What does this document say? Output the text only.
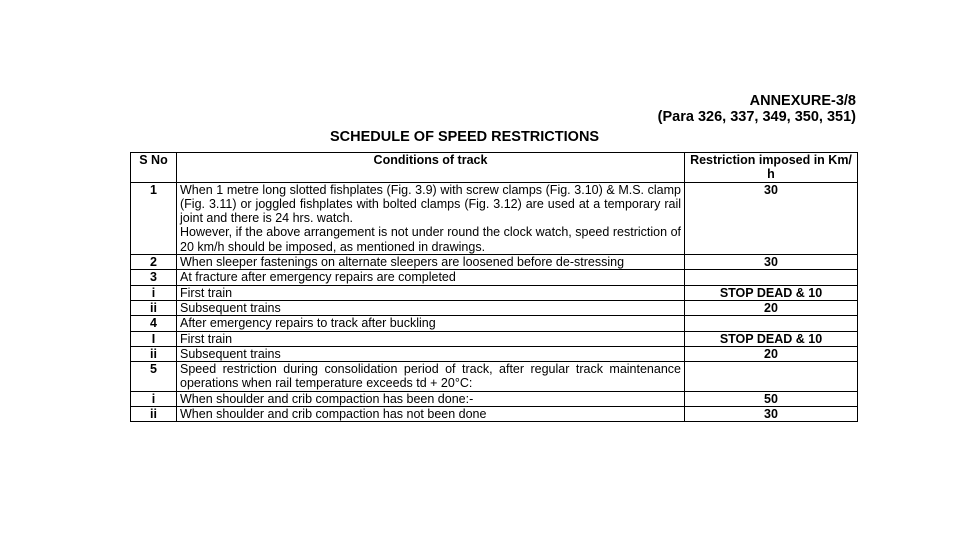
ANNEXURE-3/8
(Para 326, 337, 349, 350, 351)
SCHEDULE OF SPEED RESTRICTIONS
S No	Conditions of track	Restriction imposed in Km/ h
1	When 1 metre long slotted fishplates (Fig. 3.9) with screw clamps (Fig. 3.10) & M.S. clamp (Fig. 3.11) or joggled fishplates with bolted clamps (Fig. 3.12) are used at a temporary rail joint and there is 24 hrs. watch.
However, if the above arrangement is not under round the clock watch, speed restriction of 20 km/h should be imposed, as mentioned in drawings.	30
2	When sleeper fastenings on alternate sleepers are loosened before de-stressing	30
3	At fracture after emergency repairs are completed	
i	First train	STOP DEAD & 10
ii	Subsequent trains	20
4	After emergency repairs to track after buckling	
I	First train	STOP DEAD & 10
ii	Subsequent trains	20
5	Speed restriction during consolidation period of track, after regular track maintenance operations when rail temperature exceeds td + 20°C:	
i	When shoulder and crib compaction has been done:-	50
ii	When shoulder and crib compaction has not been done	30
